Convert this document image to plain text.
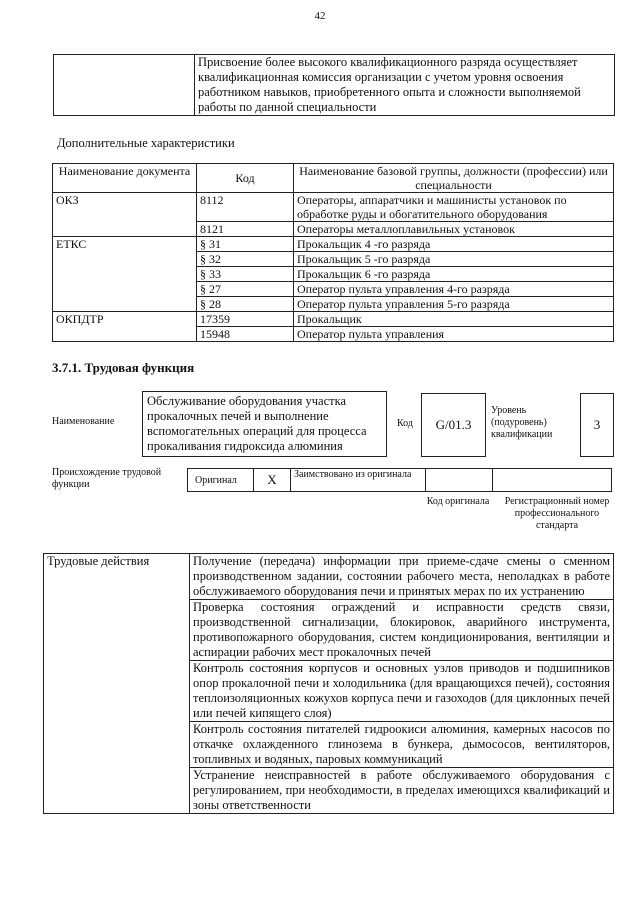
42
	Присвоение более высокого квалификационного разряда осуществляет квалификационная комиссия организации с учетом уровня освоения работником навыков, приобретенного опыта и сложности выполняемой работы по данной специальности
Дополнительные характеристики
Наименование документа	Код	Наименование базовой группы, должности (профессии) или специальности
ОКЗ	8112	Операторы, аппаратчики и машинисты установок по обработке руды и обогатительного оборудования
	8121	Операторы металлоплавильных установок
ЕТКС	§ 31	Прокальщик 4 -го разряда
	§ 32	Прокальщик 5 -го разряда
	§ 33	Прокальщик 6 -го разряда
	§ 27	Оператор пульта управления 4-го разряда
	§ 28	Оператор пульта управления 5-го разряда
ОКПДТР	17359	Прокальщик
	15948	Оператор пульта управления
3.7.1. Трудовая функция
Наименование
Обслуживание оборудования участка прокалочных печей и выполнение вспомогательных операций для процесса прокаливания гидроксида алюминия
Код	G/01.3
Уровень (подуровень) квалификации
3
Происхождение трудовой функции	Оригинал	X	Заимствовано из оригинала
Код оригинала	Регистрационный номер профессионального стандарта
Трудовые действия	Получение (передача) информации при приеме-сдаче смены о сменном производственном задании, состоянии рабочего места, неполадках в работе обслуживаемого оборудования печи и принятых мерах по их устранению
Проверка состояния ограждений и исправности средств связи, производственной сигнализации, блокировок, аварийного инструмента, противопожарного оборудования, систем кондиционирования, вентиляции и аспирации рабочих мест прокалочных печей
Контроль состояния корпусов и основных узлов приводов и подшипников опор прокалочной печи и холодильника (для вращающихся печей), состояния теплоизоляционных кожухов корпуса печи и газоходов (для циклонных печей или печей кипящего слоя)
Контроль состояния питателей гидроокиси алюминия, камерных насосов по откачке охлажденного глинозема в бункера, дымососов, вентиляторов, топливных и водяных, паровых коммуникаций
Устранение неисправностей в работе обслуживаемого оборудования с регулированием, при необходимости, в пределах имеющихся квалификаций и зоны ответственности
